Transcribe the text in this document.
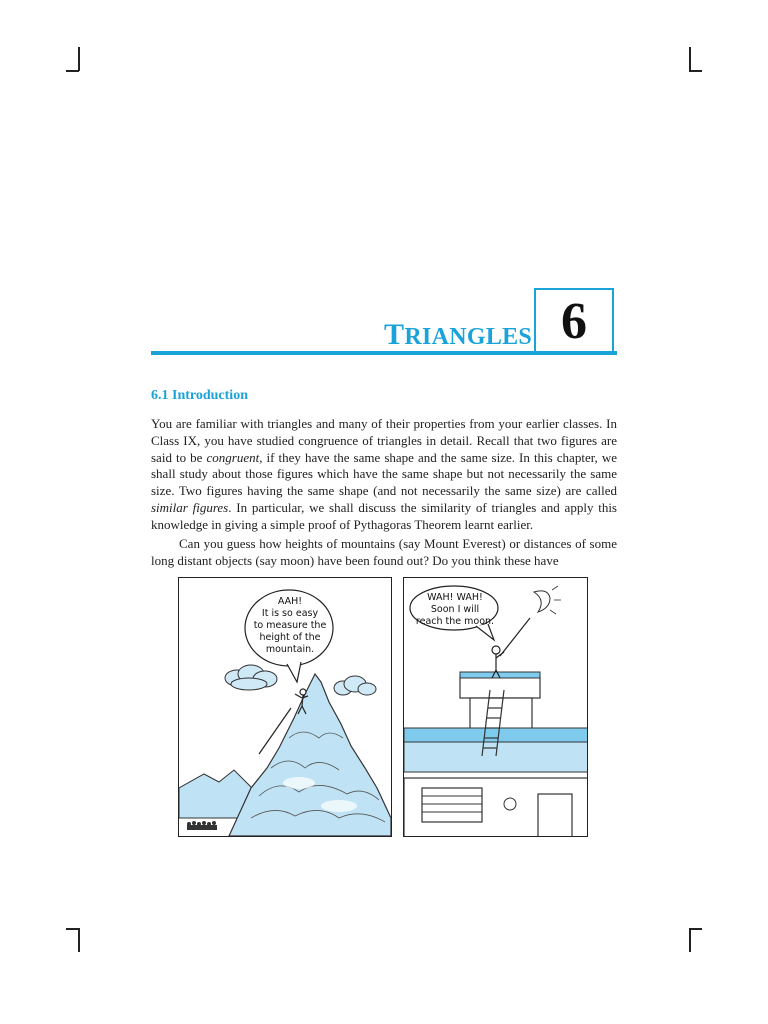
TRIANGLES 6
6.1 Introduction
You are familiar with triangles and many of their properties from your earlier classes. In Class IX, you have studied congruence of triangles in detail. Recall that two figures are said to be congruent, if they have the same shape and the same size. In this chapter, we shall study about those figures which have the same shape but not necessarily the same size. Two figures having the same shape (and not necessarily the same size) are called similar figures. In particular, we shall discuss the similarity of triangles and apply this knowledge in giving a simple proof of Pythagoras Theorem learnt earlier.
Can you guess how heights of mountains (say Mount Everest) or distances of some long distant objects (say moon) have been found out? Do you think these have
AAH!
It is so easy
to measure the
height of the
mountain.
WAH! WAH!
Soon I will
reach the moon.
